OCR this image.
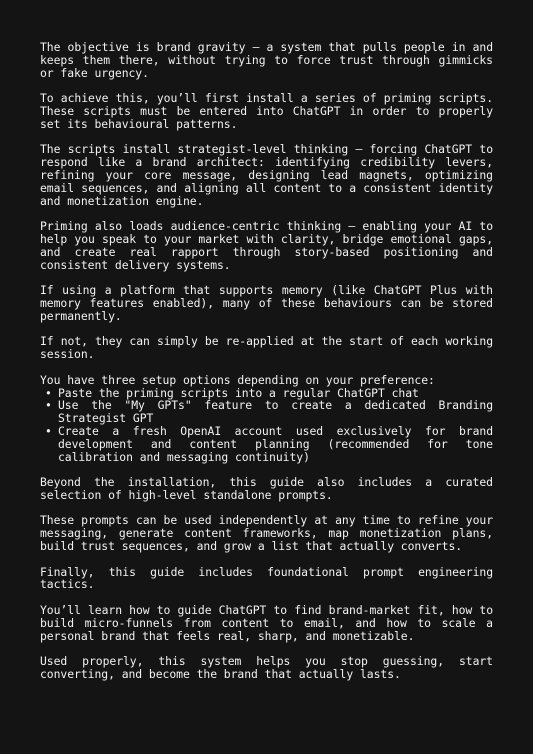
The objective is brand gravity — a system that pulls people in and keeps them there, without trying to force trust through gimmicks or fake urgency.

To achieve this, you’ll first install a series of priming scripts. These scripts must be entered into ChatGPT in order to properly set its behavioural patterns.

The scripts install strategist-level thinking — forcing ChatGPT to respond like a brand architect: identifying credibility levers, refining your core message, designing lead magnets, optimizing email sequences, and aligning all content to a consistent identity and monetization engine.

Priming also loads audience-centric thinking — enabling your AI to help you speak to your market with clarity, bridge emotional gaps, and create real rapport through story-based positioning and consistent delivery systems.

If using a platform that supports memory (like ChatGPT Plus with memory features enabled), many of these behaviours can be stored permanently.

If not, they can simply be re-applied at the start of each working session.

You have three setup options depending on your preference:

• Paste the priming scripts into a regular ChatGPT chat
• Use the "My GPTs" feature to create a dedicated Branding Strategist GPT
• Create a fresh OpenAI account used exclusively for brand development and content planning (recommended for tone calibration and messaging continuity)

Beyond the installation, this guide also includes a curated selection of high-level standalone prompts.

These prompts can be used independently at any time to refine your messaging, generate content frameworks, map monetization plans, build trust sequences, and grow a list that actually converts.

Finally, this guide includes foundational prompt engineering tactics.

You’ll learn how to guide ChatGPT to find brand-market fit, how to build micro-funnels from content to email, and how to scale a personal brand that feels real, sharp, and monetizable.

Used properly, this system helps you stop guessing, start converting, and become the brand that actually lasts.
